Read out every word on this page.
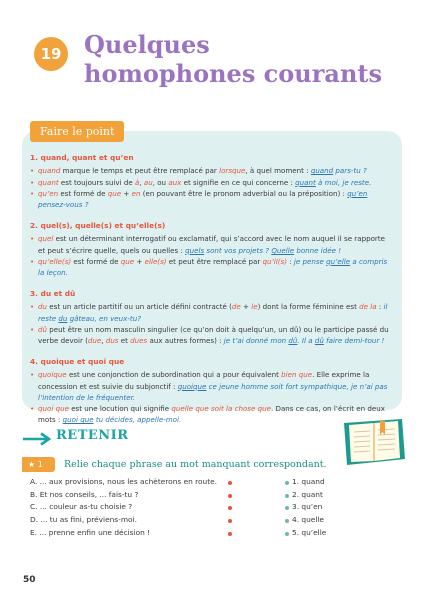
19 Quelques homophones courants
Faire le point
1. quand, quant et qu’en
• quand marque le temps et peut être remplacé par lorsque, à quel moment : quand pars-tu ?
• quant est toujours suivi de à, au, ou aux et signifie en ce qui concerne : quant à moi, je reste.
• qu’en est formé de que + en (en pouvant être le pronom adverbial ou la préposition) : qu’en pensez-vous ?
2. quel(s), quelle(s) et qu’elle(s)
• quel est un déterminant interrogatif ou exclamatif, qui s’accord avec le nom auquel il se rapporte et peut s’écrire quelle, quels ou quelles : quels sont vos projets ? Quelle bonne idée !
• qu’elle(s) est formé de que + elle(s) et peut être remplacé par qu’il(s) : je pense qu’elle a compris la leçon.
3. du et dû
• du est un article partitif ou un article défini contracté (de + le) dont la forme féminine est de la : il reste du gâteau, en veux-tu?
• dû peut être un nom masculin singulier (ce qu’on doit à quelqu’un, un dû) ou le participe passé du verbe devoir (due, dus et dues aux autres formes) : je t’ai donné mon dû. Il a dû faire demi-tour !
4. quoique et quoi que
• quoique est une conjonction de subordination qui a pour équivalent bien que. Elle exprime la concession et est suivie du subjonctif : quoique ce jeune homme soit fort sympathique, je n’ai pas l’intention de le fréquenter.
• quoi que est une locution qui signifie quelle que soit la chose que. Dans ce cas, on l’écrit en deux mots : quoi que tu décides, appelle-moi.
RETENIR
★ 1	Relie chaque phrase au mot manquant correspondant.
A. ... aux provisions, nous les achèterons en route.	1. quand
B. Et nos conseils, ... fais-tu ?	2. quant
C. ... couleur as-tu choisie ?	3. qu’en
D. ... tu as fini, préviens-moi.	4. quelle
E. ... prenne enfin une décision !	5. qu’elle
50
